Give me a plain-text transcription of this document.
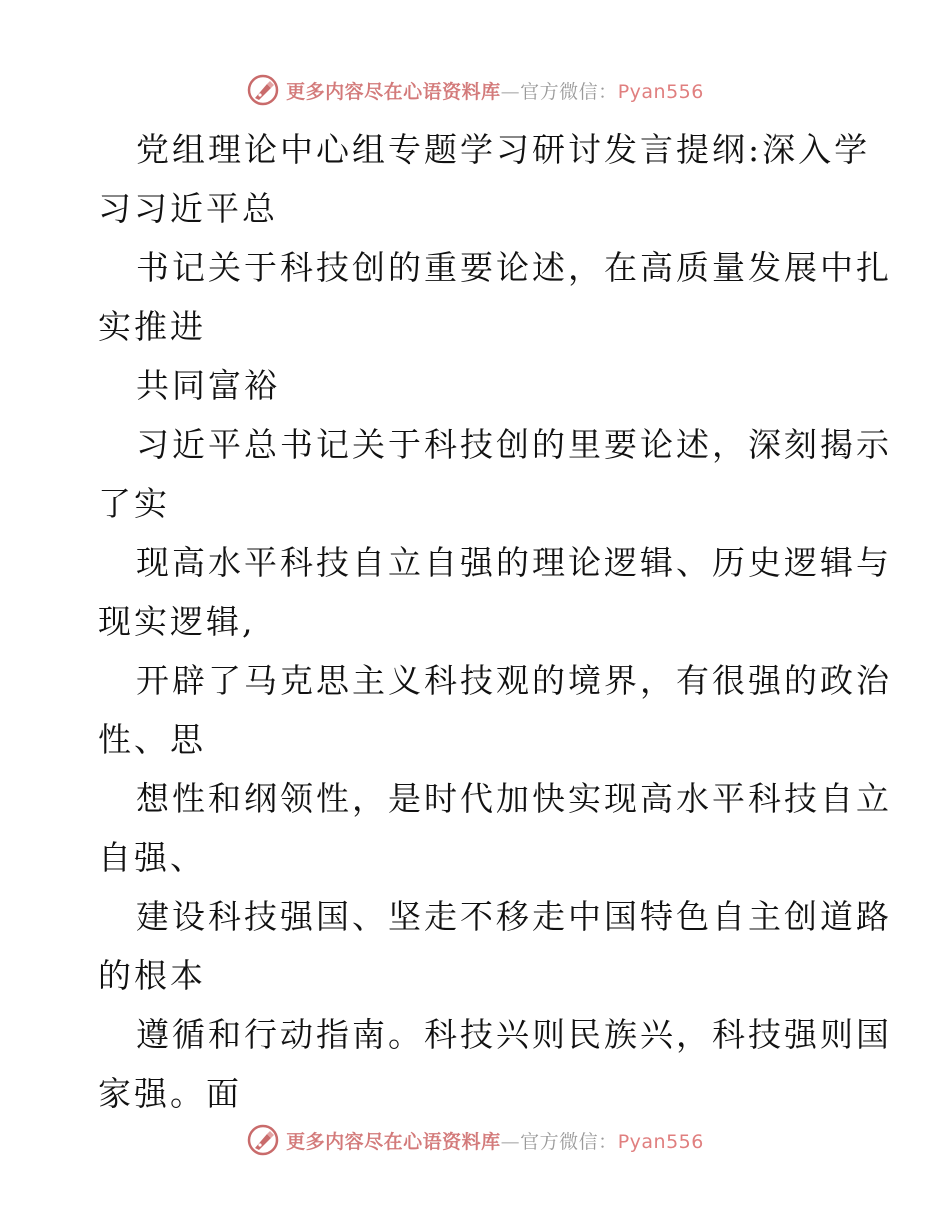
更多内容尽在心语资料库—官方微信：Pyan556
党组理论中心组专题学习研讨发言提纲:深入学
习习近平总
书记关于科技创的重要论述，在高质量发展中扎
实推进
共同富裕
习近平总书记关于科技创的里要论述，深刻揭示
了实
现高水平科技自立自强的理论逻辑、历史逻辑与
现实逻辑,
开辟了马克思主义科技观的境界，有很强的政治
性、思
想性和纲领性，是时代加快实现高水平科技自立
自强、
建设科技强国、坚走不移走中国特色自主创道路
的根本
遵循和行动指南。科技兴则民族兴，科技强则国
家强。面
更多内容尽在心语资料库—官方微信：Pyan556
